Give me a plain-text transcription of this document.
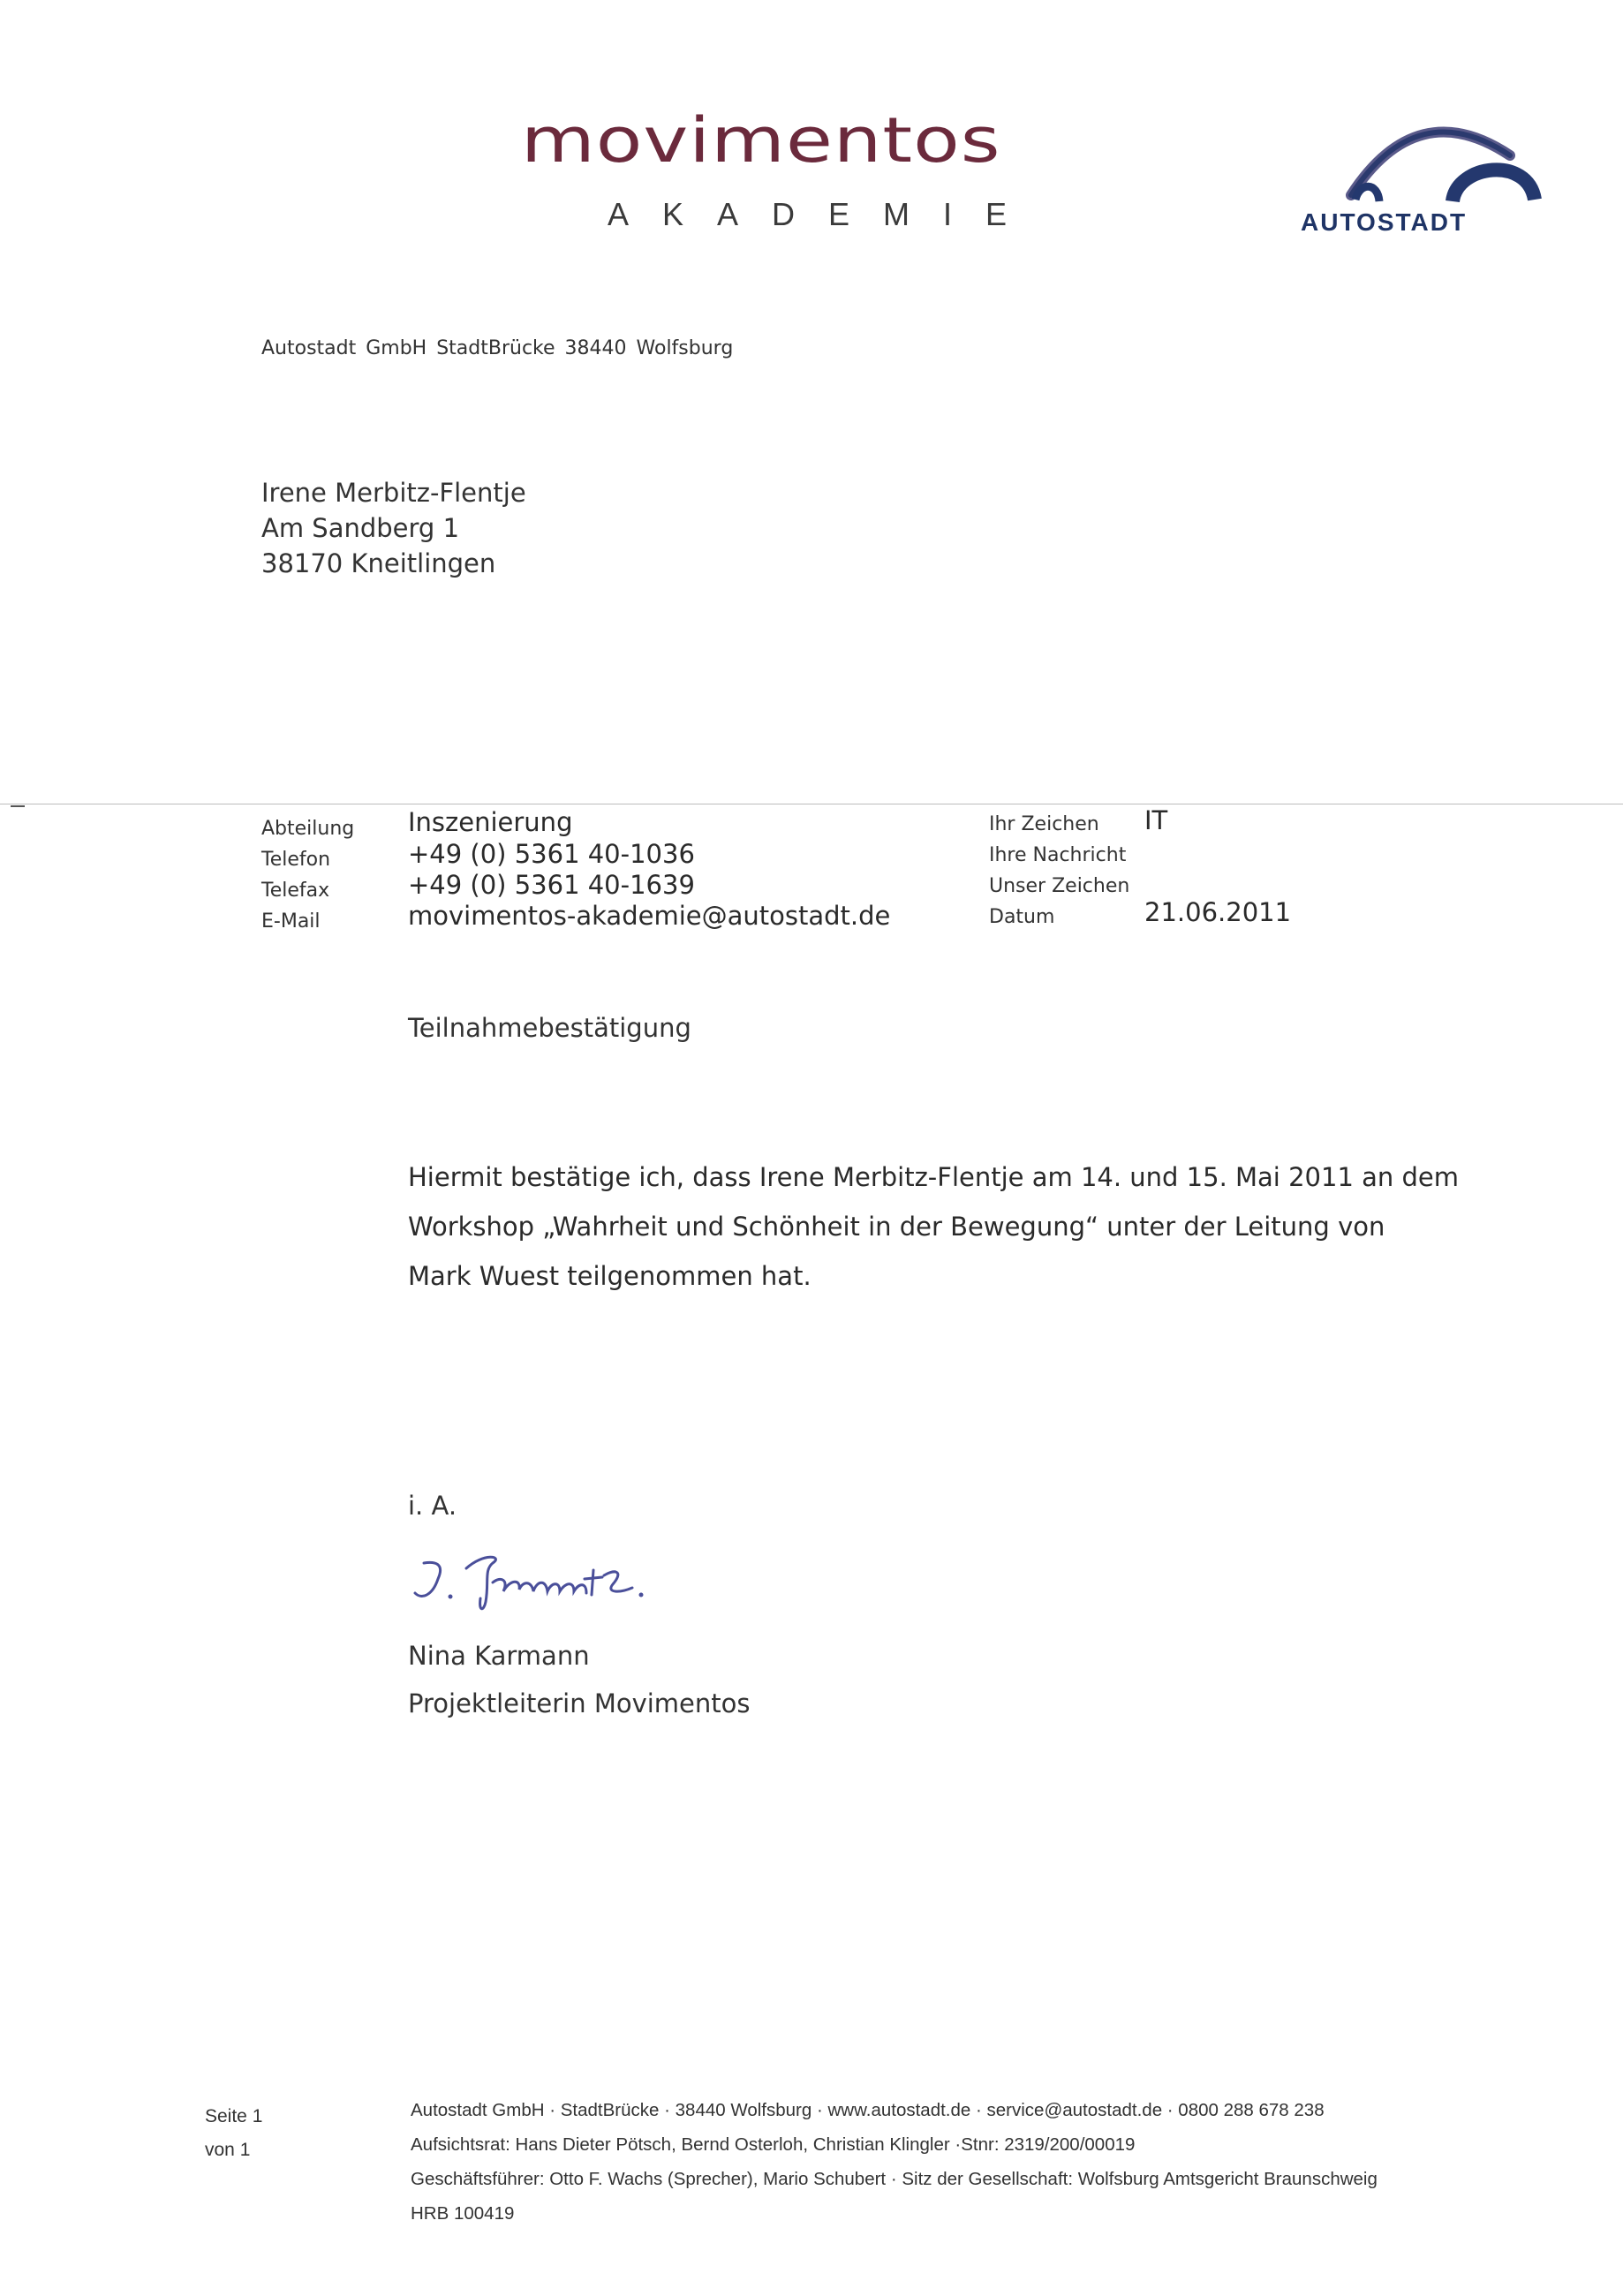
movimentos
AKADEMIE	AUTOSTADT
Autostadt GmbH StadtBrücke 38440 Wolfsburg
Irene Merbitz-Flentje
Am Sandberg 1
38170 Kneitlingen
Abteilung Inszenierung
Telefon	+49 (0) 5361 40-1036
Telefax	+49 (0) 5361 40-1639
E-Mail	movimentos-akademie@autostadt.de
Ihr Zeichen IT
Ihre Nachricht
Unser Zeichen
Datum	21.06.2011
Teilnahmebestätigung
Hiermit bestätige ich, dass Irene Merbitz-Flentje am 14. und 15. Mai 2011 an dem
Workshop „Wahrheit und Schönheit in der Bewegung“ unter der Leitung von
Mark Wuest teilgenommen hat.
i. A.
Nina Karmann
Projektleiterin Movimentos
Seite 1
von 1
Autostadt GmbH · StadtBrücke · 38440 Wolfsburg · www.autostadt.de · service@autostadt.de · 0800 288 678 238
Aufsichtsrat: Hans Dieter Pötsch, Bernd Osterloh, Christian Klingler ·Stnr: 2319/200/00019
Geschäftsführer: Otto F. Wachs (Sprecher), Mario Schubert · Sitz der Gesellschaft: Wolfsburg Amtsgericht Braunschweig
HRB 100419
